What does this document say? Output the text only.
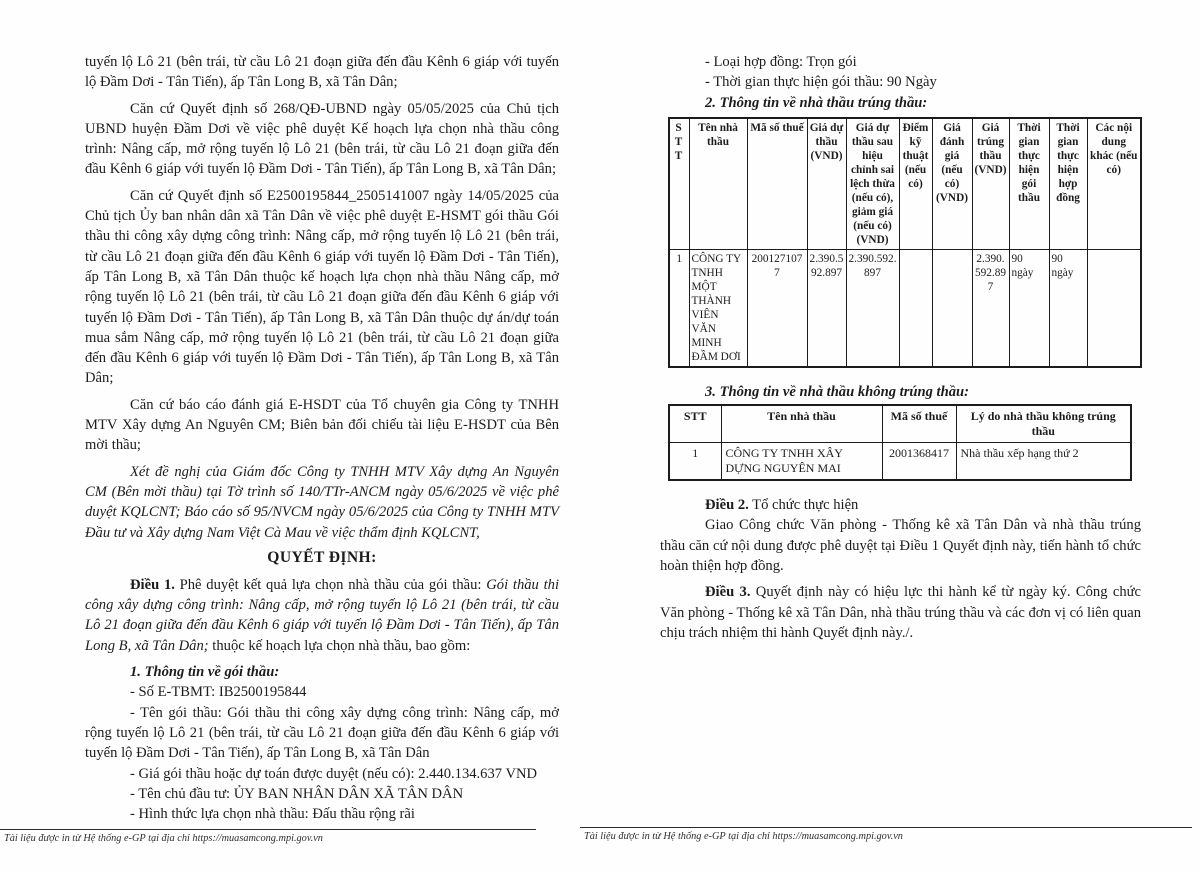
tuyến lộ Lô 21 (bên trái, từ cầu Lô 21 đoạn giữa đến đầu Kênh 6 giáp với tuyến lộ Đầm Dơi - Tân Tiến), ấp Tân Long B, xã Tân Dân;

Căn cứ Quyết định số 268/QĐ-UBND ngày 05/05/2025 của Chủ tịch UBND huyện Đầm Dơi về việc phê duyệt Kế hoạch lựa chọn nhà thầu công trình: Nâng cấp, mở rộng tuyến lộ Lô 21 (bên trái, từ cầu Lô 21 đoạn giữa đến đầu Kênh 6 giáp với tuyến lộ Đầm Dơi - Tân Tiến), ấp Tân Long B, xã Tân Dân;

Căn cứ Quyết định số E2500195844_2505141007 ngày 14/05/2025 của Chủ tịch Ủy ban nhân dân xã Tân Dân về việc phê duyệt E-HSMT gói thầu Gói thầu thi công xây dựng công trình: Nâng cấp, mở rộng tuyến lộ Lô 21 (bên trái, từ cầu Lô 21 đoạn giữa đến đầu Kênh 6 giáp với tuyến lộ Đầm Dơi - Tân Tiến), ấp Tân Long B, xã Tân Dân thuộc kế hoạch lựa chọn nhà thầu Nâng cấp, mở rộng tuyến lộ Lô 21 (bên trái, từ cầu Lô 21 đoạn giữa đến đầu Kênh 6 giáp với tuyến lộ Đầm Dơi - Tân Tiến), ấp Tân Long B, xã Tân Dân thuộc dự án/dự toán mua sắm Nâng cấp, mở rộng tuyến lộ Lô 21 (bên trái, từ cầu Lô 21 đoạn giữa đến đầu Kênh 6 giáp với tuyến lộ Đầm Dơi - Tân Tiến), ấp Tân Long B, xã Tân Dân;

Căn cứ báo cáo đánh giá E-HSDT của Tổ chuyên gia Công ty TNHH MTV Xây dựng An Nguyên CM; Biên bản đối chiếu tài liệu E-HSDT của Bên mời thầu;

Xét đề nghị của Giám đốc Công ty TNHH MTV Xây dựng An Nguyên CM (Bên mời thầu) tại Tờ trình số 140/TTr-ANCM ngày 05/6/2025 về việc phê duyệt KQLCNT; Báo cáo số 95/NVCM ngày 05/6/2025 của Công ty TNHH MTV Đầu tư và Xây dựng Nam Việt Cà Mau về việc thẩm định KQLCNT,

QUYẾT ĐỊNH:

Điều 1. Phê duyệt kết quả lựa chọn nhà thầu của gói thầu: Gói thầu thi công xây dựng công trình: Nâng cấp, mở rộng tuyến lộ Lô 21 (bên trái, từ cầu Lô 21 đoạn giữa đến đầu Kênh 6 giáp với tuyến lộ Đầm Dơi - Tân Tiến), ấp Tân Long B, xã Tân Dân; thuộc kế hoạch lựa chọn nhà thầu, bao gồm:

1. Thông tin về gói thầu:

- Số E-TBMT: IB2500195844

- Tên gói thầu: Gói thầu thi công xây dựng công trình: Nâng cấp, mở rộng tuyến lộ Lô 21 (bên trái, từ cầu Lô 21 đoạn giữa đến đầu Kênh 6 giáp với tuyến lộ Đầm Dơi - Tân Tiến), ấp Tân Long B, xã Tân Dân

- Giá gói thầu hoặc dự toán được duyệt (nếu có): 2.440.134.637 VND

- Tên chủ đầu tư: ỦY BAN NHÂN DÂN XÃ TÂN DÂN

- Hình thức lựa chọn nhà thầu: Đấu thầu rộng rãi

- Loại hợp đồng: Trọn gói

- Thời gian thực hiện gói thầu: 90 Ngày

2. Thông tin về nhà thầu trúng thầu:

STT	Tên nhà thầu	Mã số thuế	Giá dự thầu (VND)	Giá dự thầu sau hiệu chỉnh sai lệch thừa (nếu có), giảm giá (nếu có) (VND)	Điểm kỹ thuật (nếu có)	Giá đánh giá (nếu có) (VND)	Giá trúng thầu (VND)	Thời gian thực hiện gói thầu	Thời gian thực hiện hợp đồng	Các nội dung khác (nếu có)
1	CÔNG TY TNHH MỘT THÀNH VIÊN VĂN MINH ĐẦM DƠI	2001271077	2.390.592.897	2.390.592.897			2.390.592.897	90 ngày	90 ngày	

3. Thông tin về nhà thầu không trúng thầu:

STT	Tên nhà thầu	Mã số thuế	Lý do nhà thầu không trúng thầu
1	CÔNG TY TNHH XÂY DỰNG NGUYÊN MAI	2001368417	Nhà thầu xếp hạng thứ 2

Điều 2. Tổ chức thực hiện

Giao Công chức Văn phòng - Thống kê xã Tân Dân và nhà thầu trúng thầu căn cứ nội dung được phê duyệt tại Điều 1 Quyết định này, tiến hành tổ chức hoàn thiện hợp đồng.

Điều 3. Quyết định này có hiệu lực thi hành kể từ ngày ký. Công chức Văn phòng - Thống kê xã Tân Dân, nhà thầu trúng thầu và các đơn vị có liên quan chịu trách nhiệm thi hành Quyết định này./.

Tài liệu được in từ Hệ thống e-GP tại địa chỉ https://muasamcong.mpi.gov.vn	Tài liệu được in từ Hệ thống e-GP tại địa chỉ https://muasamcong.mpi.gov.vn
